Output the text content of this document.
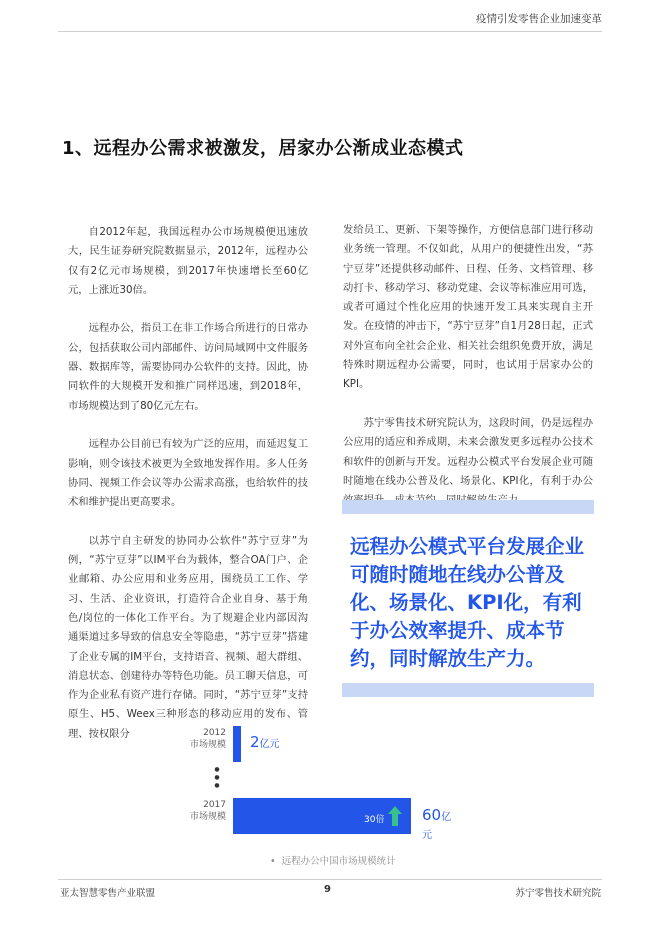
疫情引发零售企业加速变革
1、远程办公需求被激发，居家办公渐成业态模式

自2012年起，我国远程办公市场规模便迅速放大，民生证券研究院数据显示，2012年，远程办公仅有2亿元市场规模，到2017年快速增长至60亿元，上涨近30倍。

远程办公，指员工在非工作场合所进行的日常办公，包括获取公司内部邮件、访问局域网中文件服务器、数据库等，需要协同办公软件的支持。因此，协同软件的大规模开发和推广同样迅速，到2018年，市场规模达到了80亿元左右。

远程办公目前已有较为广泛的应用，而延迟复工影响，则令该技术被更为全致地发挥作用。多人任务协同、视频工作会议等办公需求高涨，也给软件的技术和维护提出更高要求。

以苏宁自主研发的协同办公软件“苏宁豆芽”为例，“苏宁豆芽”以IM平台为载体，整合OA门户、企业邮箱、办公应用和业务应用，围绕员工工作、学习、生活、企业资讯，打造符合企业自身、基于角色/岗位的一体化工作平台。为了规避企业内部因沟通渠道过多导致的信息安全等隐患，“苏宁豆芽”搭建了企业专属的IM平台，支持语音、视频、超大群组、消息状态、创建待办等特色功能。员工聊天信息，可作为企业私有资产进行存储。同时，“苏宁豆芽”支持原生、H5、Weex三种形态的移动应用的发布、管理、按权限分

发给员工、更新、下架等操作，方便信息部门进行移动业务统一管理。不仅如此，从用户的便捷性出发，“苏宁豆芽”还提供移动邮件、日程、任务、文档管理、移动打卡、移动学习、移动党建、会议等标准应用可选，或者可通过个性化应用的快速开发工具来实现自主开发。在疫情的冲击下，“苏宁豆芽”自1月28日起，正式对外宣布向全社会企业、相关社会组织免费开放，满足特殊时期远程办公需要，同时，也试用于居家办公的KPI。

苏宁零售技术研究院认为，这段时间，仍是远程办公应用的适应和养成期，未来会激发更多远程办公技术和软件的创新与开发。远程办公模式平台发展企业可随时随地在线办公普及化、场景化、KPI化，有利于办公

远程办公模式平台发展企业可随时随地在线办公普及化、场景化、KPI化，有利于办公效率提升、成本节约，同时解放生产力。
2012
市场规模 2亿元
●
●
●
2017
市场规模	30倍	60亿元
•  远程办公中国市场规模统计
亚太智慧零售产业联盟	9	苏宁零售技术研究院
